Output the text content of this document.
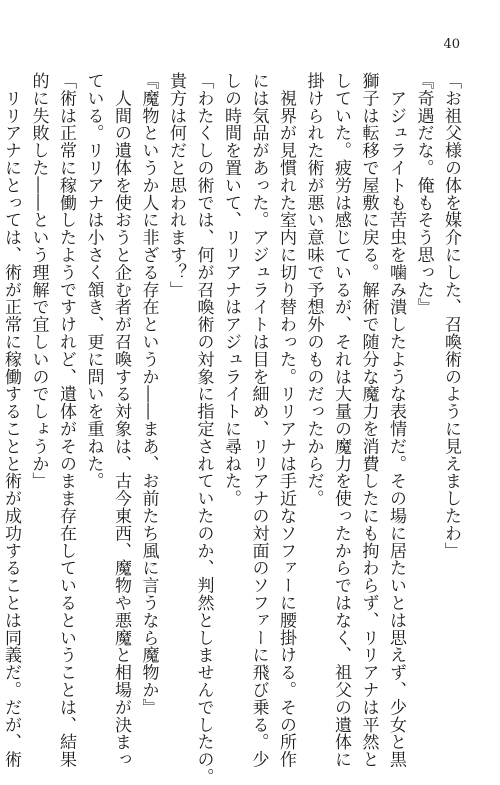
40
「お祖父様の体を媒介にした、召喚術のように見えましたわ」
『奇遇だな。俺もそう思った』
　アジュライトも苦虫を噛み潰したような表情だ。その場に居たいとは思えず、少女と黒
獅子は転移で屋敷に戻る。解術で随分な魔力を消費したにも拘わらず、リリアナは平然と
していた。疲労は感じているが、それは大量の魔力を使ったからではなく、祖父の遺体に
掛けられた術が悪い意味で予想外のものだったからだ。
　視界が見慣れた室内に切り替わった。リリアナは手近なソファーに腰掛ける。その所作
には気品があった。アジュライトは目を細め、リリアナの対面のソファーに飛び乗る。少
しの時間を置いて、リリアナはアジュライトに尋ねた。
「わたくしの術では、何が召喚術の対象に指定されていたのか、判然としませんでしたの。
貴方は何だと思われます？」
『魔物というか人に非ざる存在というか――まあ、お前たち風に言うなら魔物か』
　人間の遺体を使おうと企む者が召喚する対象は、古今東西、魔物や悪魔と相場が決まっ
ている。リリアナは小さく頷き、更に問いを重ねた。
「術は正常に稼働したようですけれど、遺体がそのまま存在しているということは、結果
的に失敗した――という理解で宜しいのでしょうか」
　リリアナにとっては、術が正常に稼働することと術が成功することは同義だ。だが、術
